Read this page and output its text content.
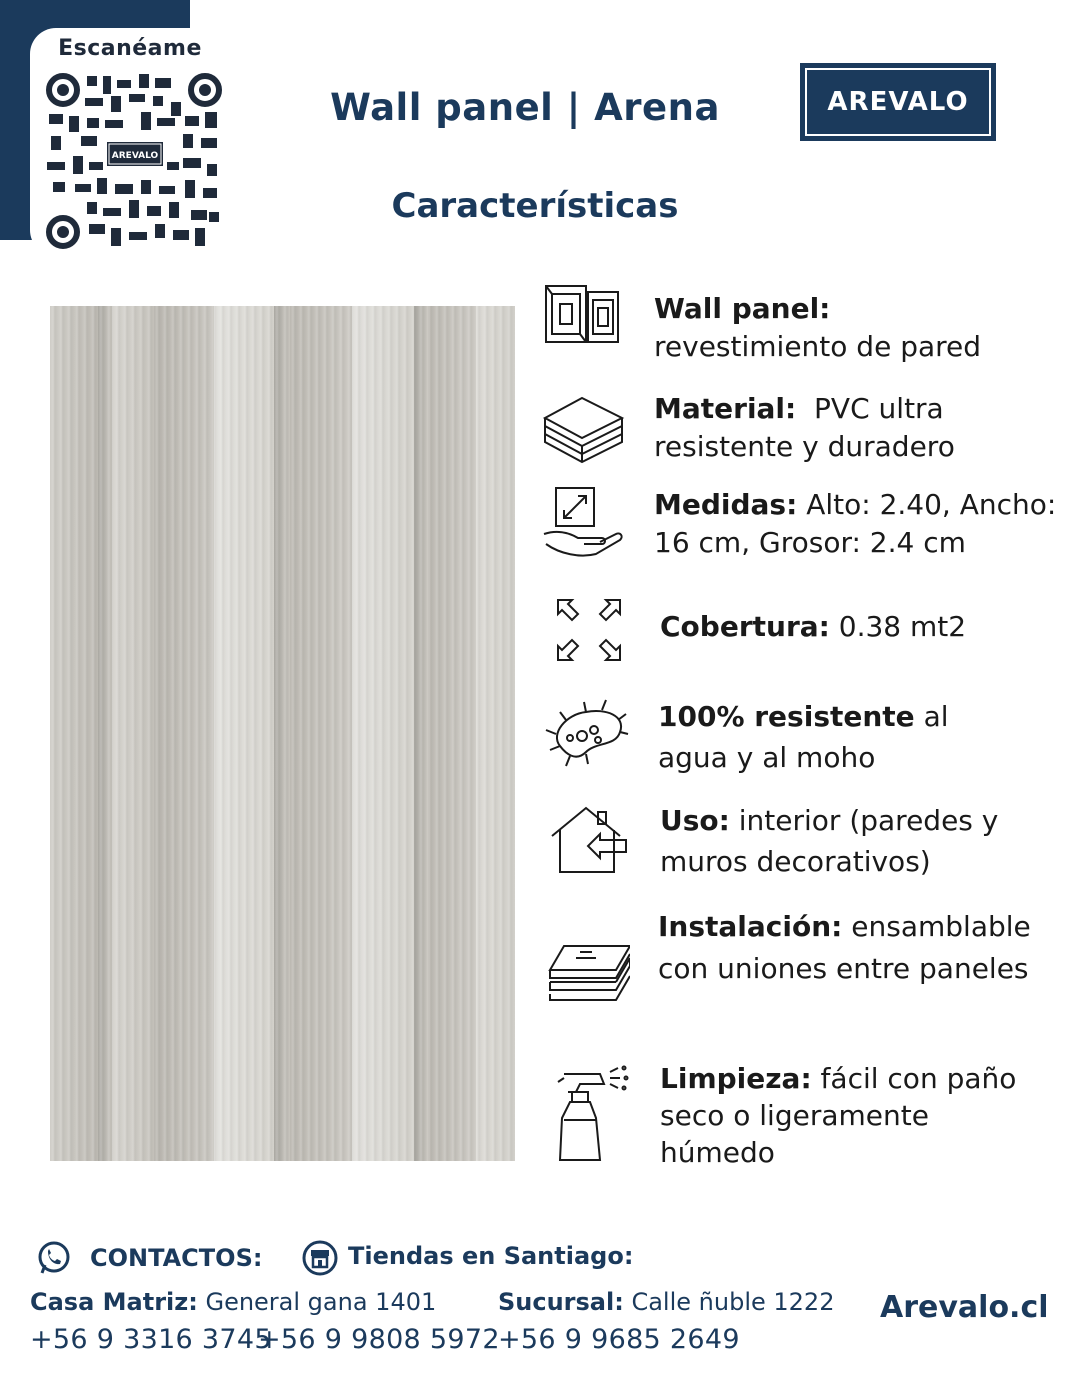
Escanéame
AREVALO
Wall panel | Arena
Características
AREVALO
Wall panel:
revestimiento de pared
Material: PVC ultra resistente y duradero
Medidas: Alto: 2.40, Ancho: 16 cm, Grosor: 2.4 cm
Cobertura: 0.38 mt2
100% resistente al agua y al moho
Uso: interior (paredes y muros decorativos)
Instalación: ensamblable con uniones entre paneles
Limpieza: fácil con paño seco o ligeramente húmedo
CONTACTOS:	Tiendas en Santiago:
Casa Matriz: General gana 1401	Sucursal: Calle ñuble 1222
+56 9 3316 3745
+56 9 9808 5972
+56 9 9685 2649
Arevalo.cl
